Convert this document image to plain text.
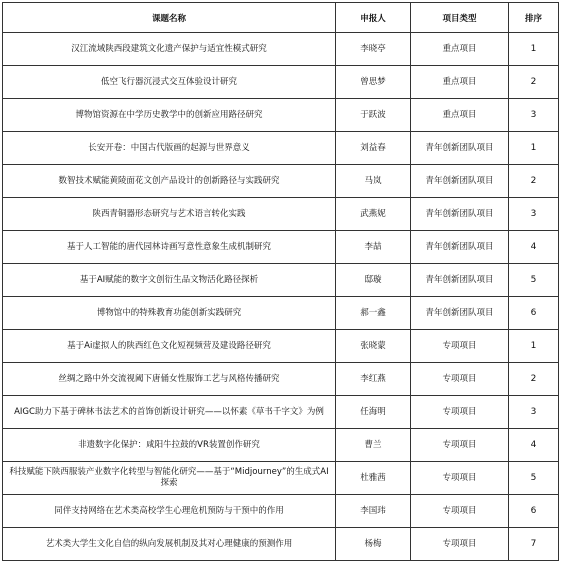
课题名称	申报人	项目类型	排序
汉江流域陕西段建筑文化遗产保护与适宜性模式研究	李晓亭	重点项目	1
低空飞行器沉浸式交互体验设计研究	曾思梦	重点项目	2
博物馆资源在中学历史教学中的创新应用路径研究	于跃波	重点项目	3
长安开卷：中国古代版画的起源与世界意义	刘益春	青年创新团队项目	1
数智技术赋能黄陵面花文创产品设计的创新路径与实践研究	马岚	青年创新团队项目	2
陕西青铜器形态研究与艺术语言转化实践	武燕妮	青年创新团队项目	3
基于人工智能的唐代园林诗画写意性意象生成机制研究	李喆	青年创新团队项目	4
基于AI赋能的数字文创衍生品文物活化路径探析	邸璇	青年创新团队项目	5
博物馆中的特殊教育功能创新实践研究	郝一鑫	青年创新团队项目	6
基于Ai虚拟人的陕西红色文化短视频营及建设路径研究	张晓蒙	专项项目	1
丝绸之路中外交流视阈下唐俑女性服饰工艺与风格传播研究	李红燕	专项项目	2
AIGC助力下基于碑林书法艺术的首饰创新设计研究——以怀素《草书千字文》为例	任海明	专项项目	3
非遗数字化保护：咸阳牛拉鼓的VR装置创作研究	曹兰	专项项目	4
科技赋能下陕西服装产业数字化转型与智能化研究——基于“Midjourney”的生成式AI探索	杜雅茜	专项项目	5
同伴支持网络在艺术类高校学生心理危机预防与干预中的作用	李国玮	专项项目	6
艺术类大学生文化自信的纵向发展机制及其对心理健康的预测作用	杨梅	专项项目	7
